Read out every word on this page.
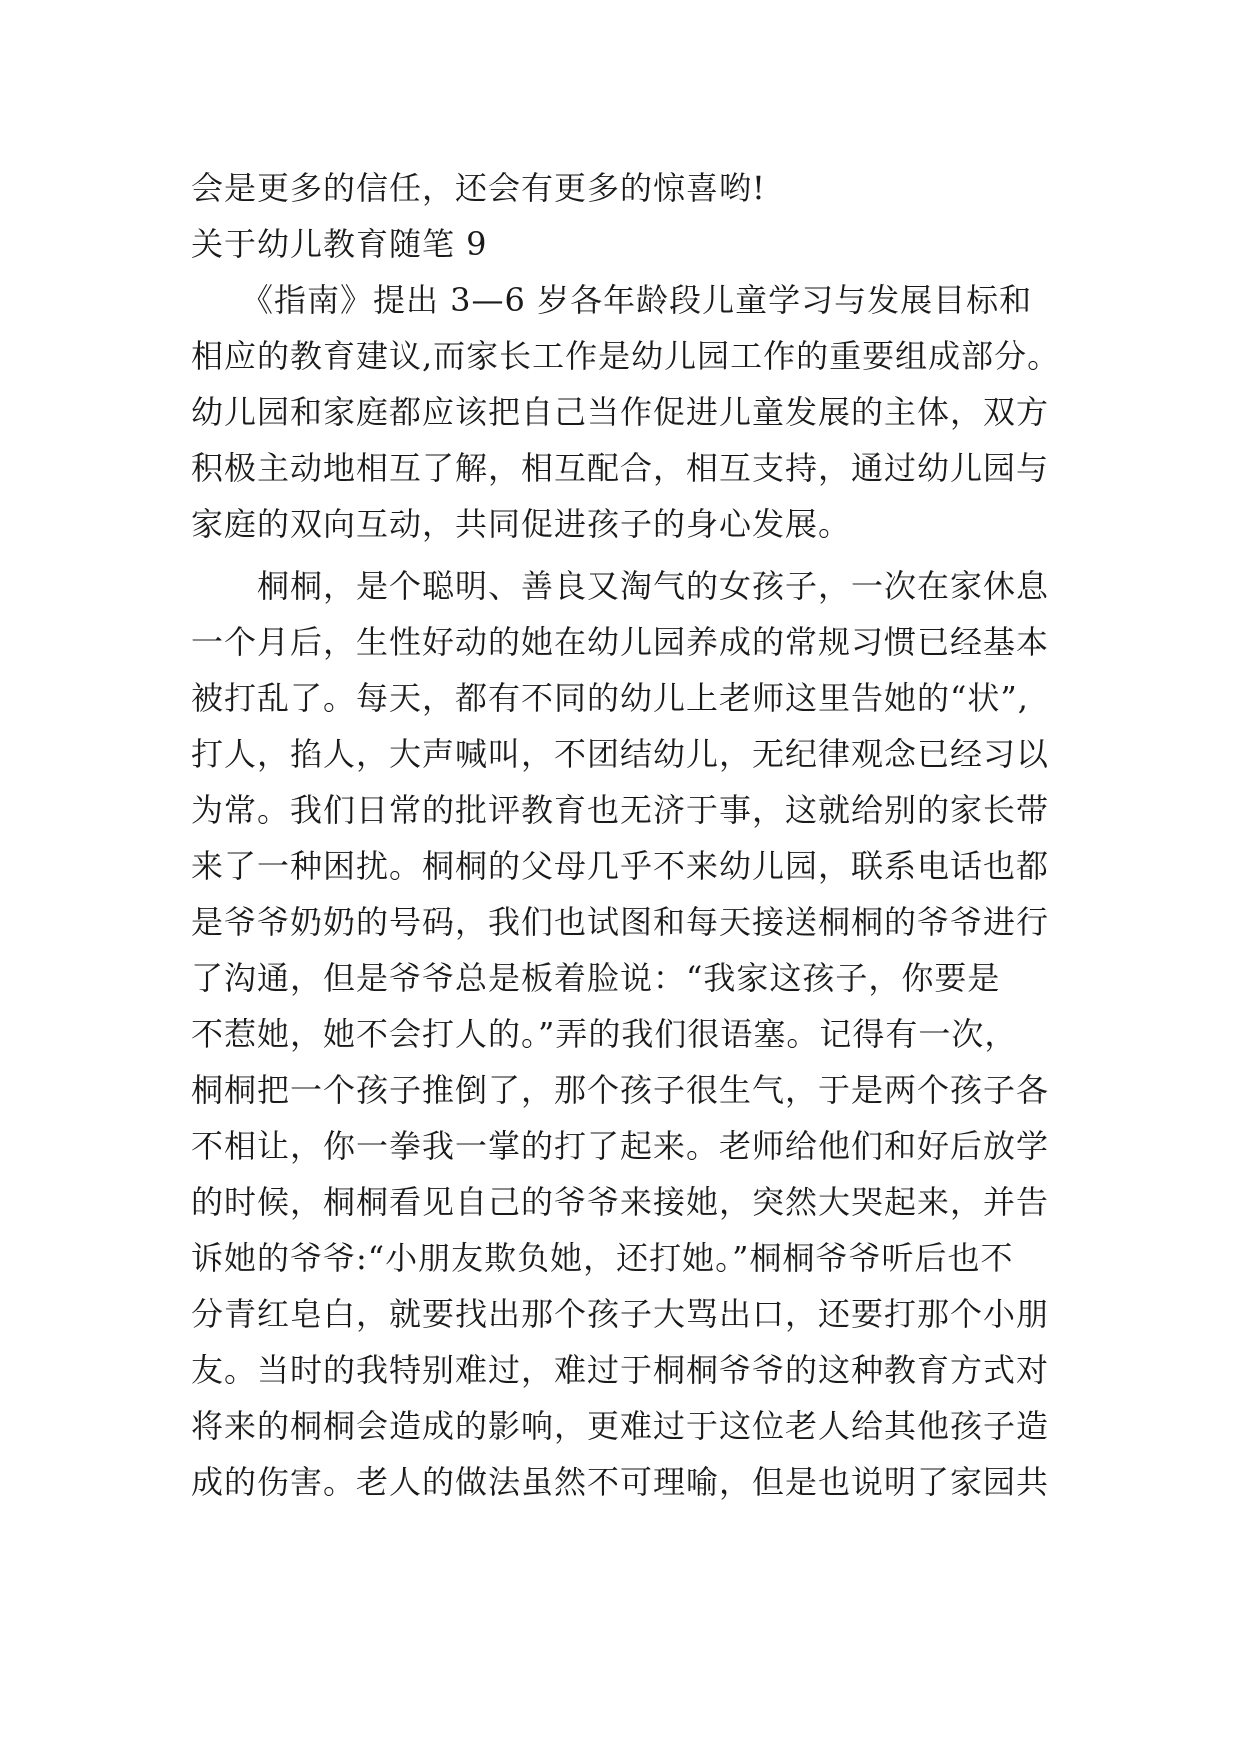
会是更多的信任，还会有更多的惊喜哟!
关于幼儿教育随笔 9
　　《指南》提出 3—6 岁各年龄段儿童学习与发展目标和
相应的教育建议,而家长工作是幼儿园工作的重要组成部分。
幼儿园和家庭都应该把自己当作促进儿童发展的主体，双方
积极主动地相互了解，相互配合，相互支持，通过幼儿园与
家庭的双向互动，共同促进孩子的身心发展。
　　桐桐，是个聪明、善良又淘气的女孩子，一次在家休息
一个月后，生性好动的她在幼儿园养成的常规习惯已经基本
被打乱了。每天，都有不同的幼儿上老师这里告她的“状”,
打人，掐人，大声喊叫，不团结幼儿，无纪律观念已经习以
为常。我们日常的批评教育也无济于事，这就给别的家长带
来了一种困扰。桐桐的父母几乎不来幼儿园，联系电话也都
是爷爷奶奶的号码，我们也试图和每天接送桐桐的爷爷进行
了沟通，但是爷爷总是板着脸说：“我家这孩子，你要是
不惹她，她不会打人的。”弄的我们很语塞。记得有一次，
桐桐把一个孩子推倒了，那个孩子很生气，于是两个孩子各
不相让，你一拳我一掌的打了起来。老师给他们和好后放学
的时候，桐桐看见自己的爷爷来接她，突然大哭起来，并告
诉她的爷爷:“小朋友欺负她，还打她。”桐桐爷爷听后也不
分青红皂白，就要找出那个孩子大骂出口，还要打那个小朋
友。当时的我特别难过，难过于桐桐爷爷的这种教育方式对
将来的桐桐会造成的影响，更难过于这位老人给其他孩子造
成的伤害。老人的做法虽然不可理喻，但是也说明了家园共
